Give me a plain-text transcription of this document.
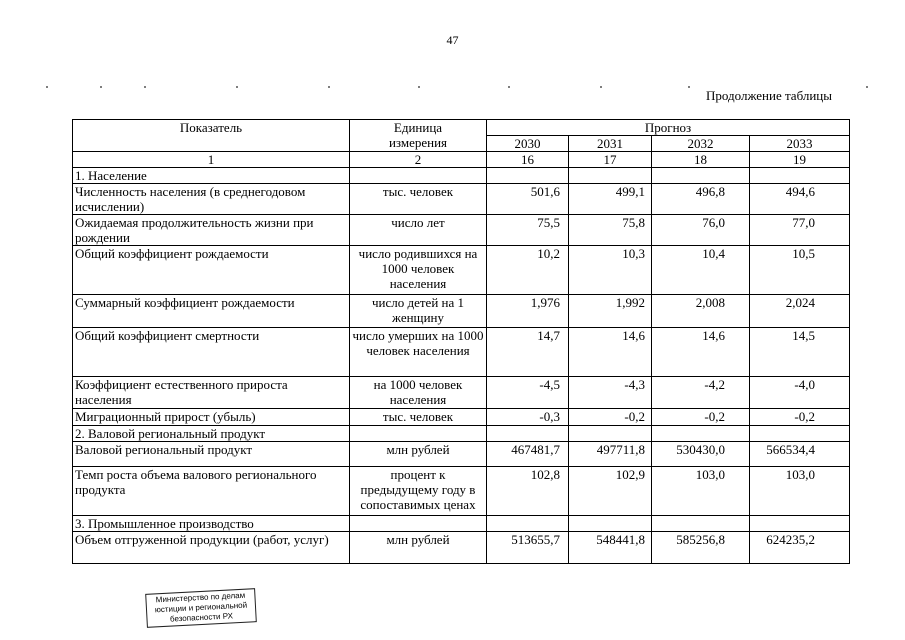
47
Продолжение таблицы
Показатель	Единица измерения	Прогноз			
		2030	2031	2032	2033
1	2	16	17	18	19
1. Население					
Численность населения (в среднегодовом исчислении)	тыс. человек	501,6	499,1	496,8	494,6
Ожидаемая продолжительность жизни при рождении	число лет	75,5	75,8	76,0	77,0
Общий коэффициент рождаемости	число родившихся на 1000 человек населения	10,2	10,3	10,4	10,5
Суммарный коэффициент рождаемости	число детей на 1 женщину	1,976	1,992	2,008	2,024
Общий коэффициент смертности	число умерших на 1000 человек населения	14,7	14,6	14,6	14,5
Коэффициент естественного прироста населения	на 1000 человек населения	-4,5	-4,3	-4,2	-4,0
Миграционный прирост (убыль)	тыс. человек	-0,3	-0,2	-0,2	-0,2
2. Валовой региональный продукт					
Валовой региональный продукт	млн рублей	467481,7	497711,8	530430,0	566534,4
Темп роста объема валового регионального продукта	процент к предыдущему году в сопоставимых ценах	102,8	102,9	103,0	103,0
3. Промышленное производство					
Объем отгруженной продукции (работ, услуг)	млн рублей	513655,7	548441,8	585256,8	624235,2
Министерство по делам
юстиции и региональной
безопасности РХ
